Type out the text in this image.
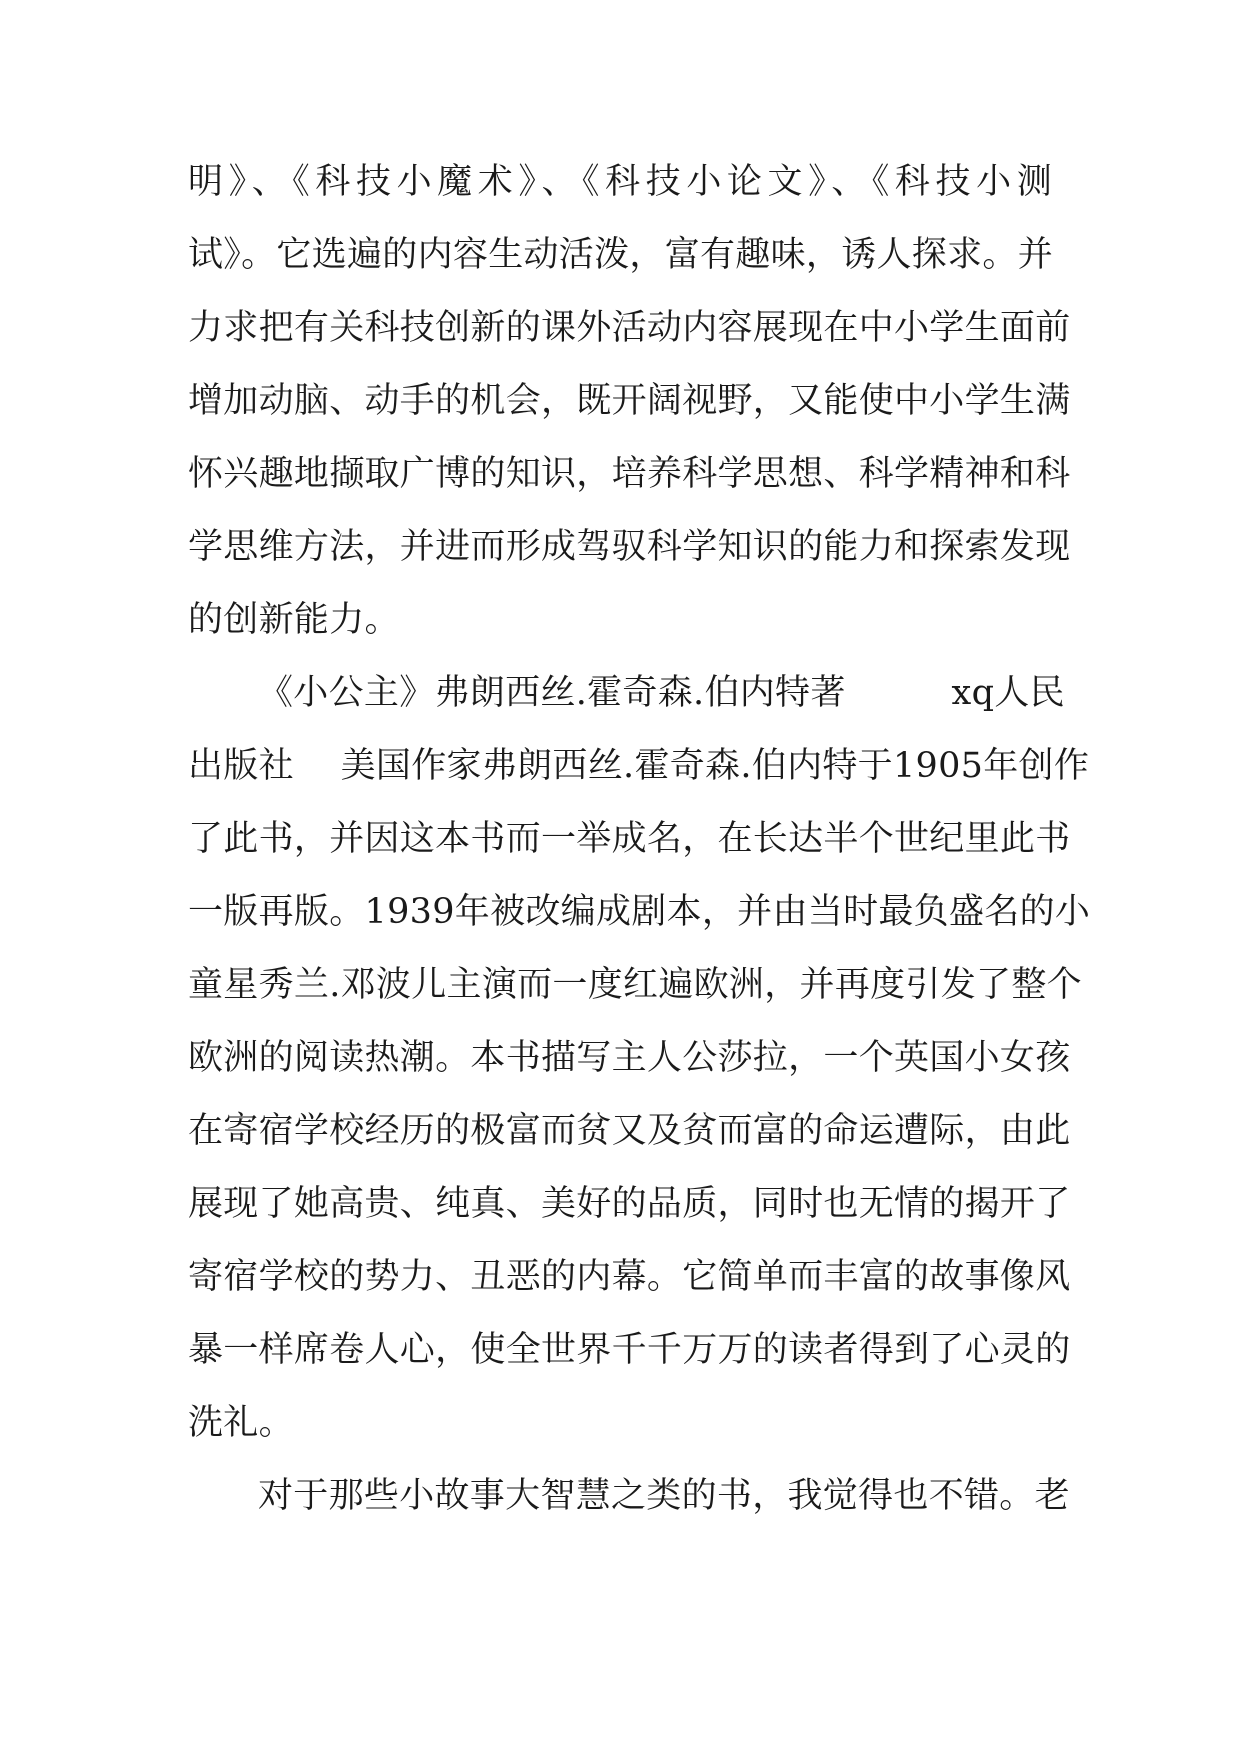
明》、《科技小魔术》、《科技小论文》、《科技小测
试》。它选遍的内容生动活泼，富有趣味，诱人探求。并
力求把有关科技创新的课外活动内容展现在中小学生面前
增加动脑、动手的机会，既开阔视野，又能使中小学生满
怀兴趣地撷取广博的知识，培养科学思想、科学精神和科
学思维方法，并进而形成驾驭科学知识的能力和探索发现
的创新能力。
《小公主》弗朗西丝.霍奇森.伯内特著　　　xq人民
出版社　 美国作家弗朗西丝.霍奇森.伯内特于1905年创作
了此书，并因这本书而一举成名，在长达半个世纪里此书
一版再版。1939年被改编成剧本，并由当时最负盛名的小
童星秀兰.邓波儿主演而一度红遍欧洲，并再度引发了整个
欧洲的阅读热潮。本书描写主人公莎拉，一个英国小女孩
在寄宿学校经历的极富而贫又及贫而富的命运遭际，由此
展现了她高贵、纯真、美好的品质，同时也无情的揭开了
寄宿学校的势力、丑恶的内幕。它简单而丰富的故事像风
暴一样席卷人心，使全世界千千万万的读者得到了心灵的
洗礼。
对于那些小故事大智慧之类的书，我觉得也不错。老
